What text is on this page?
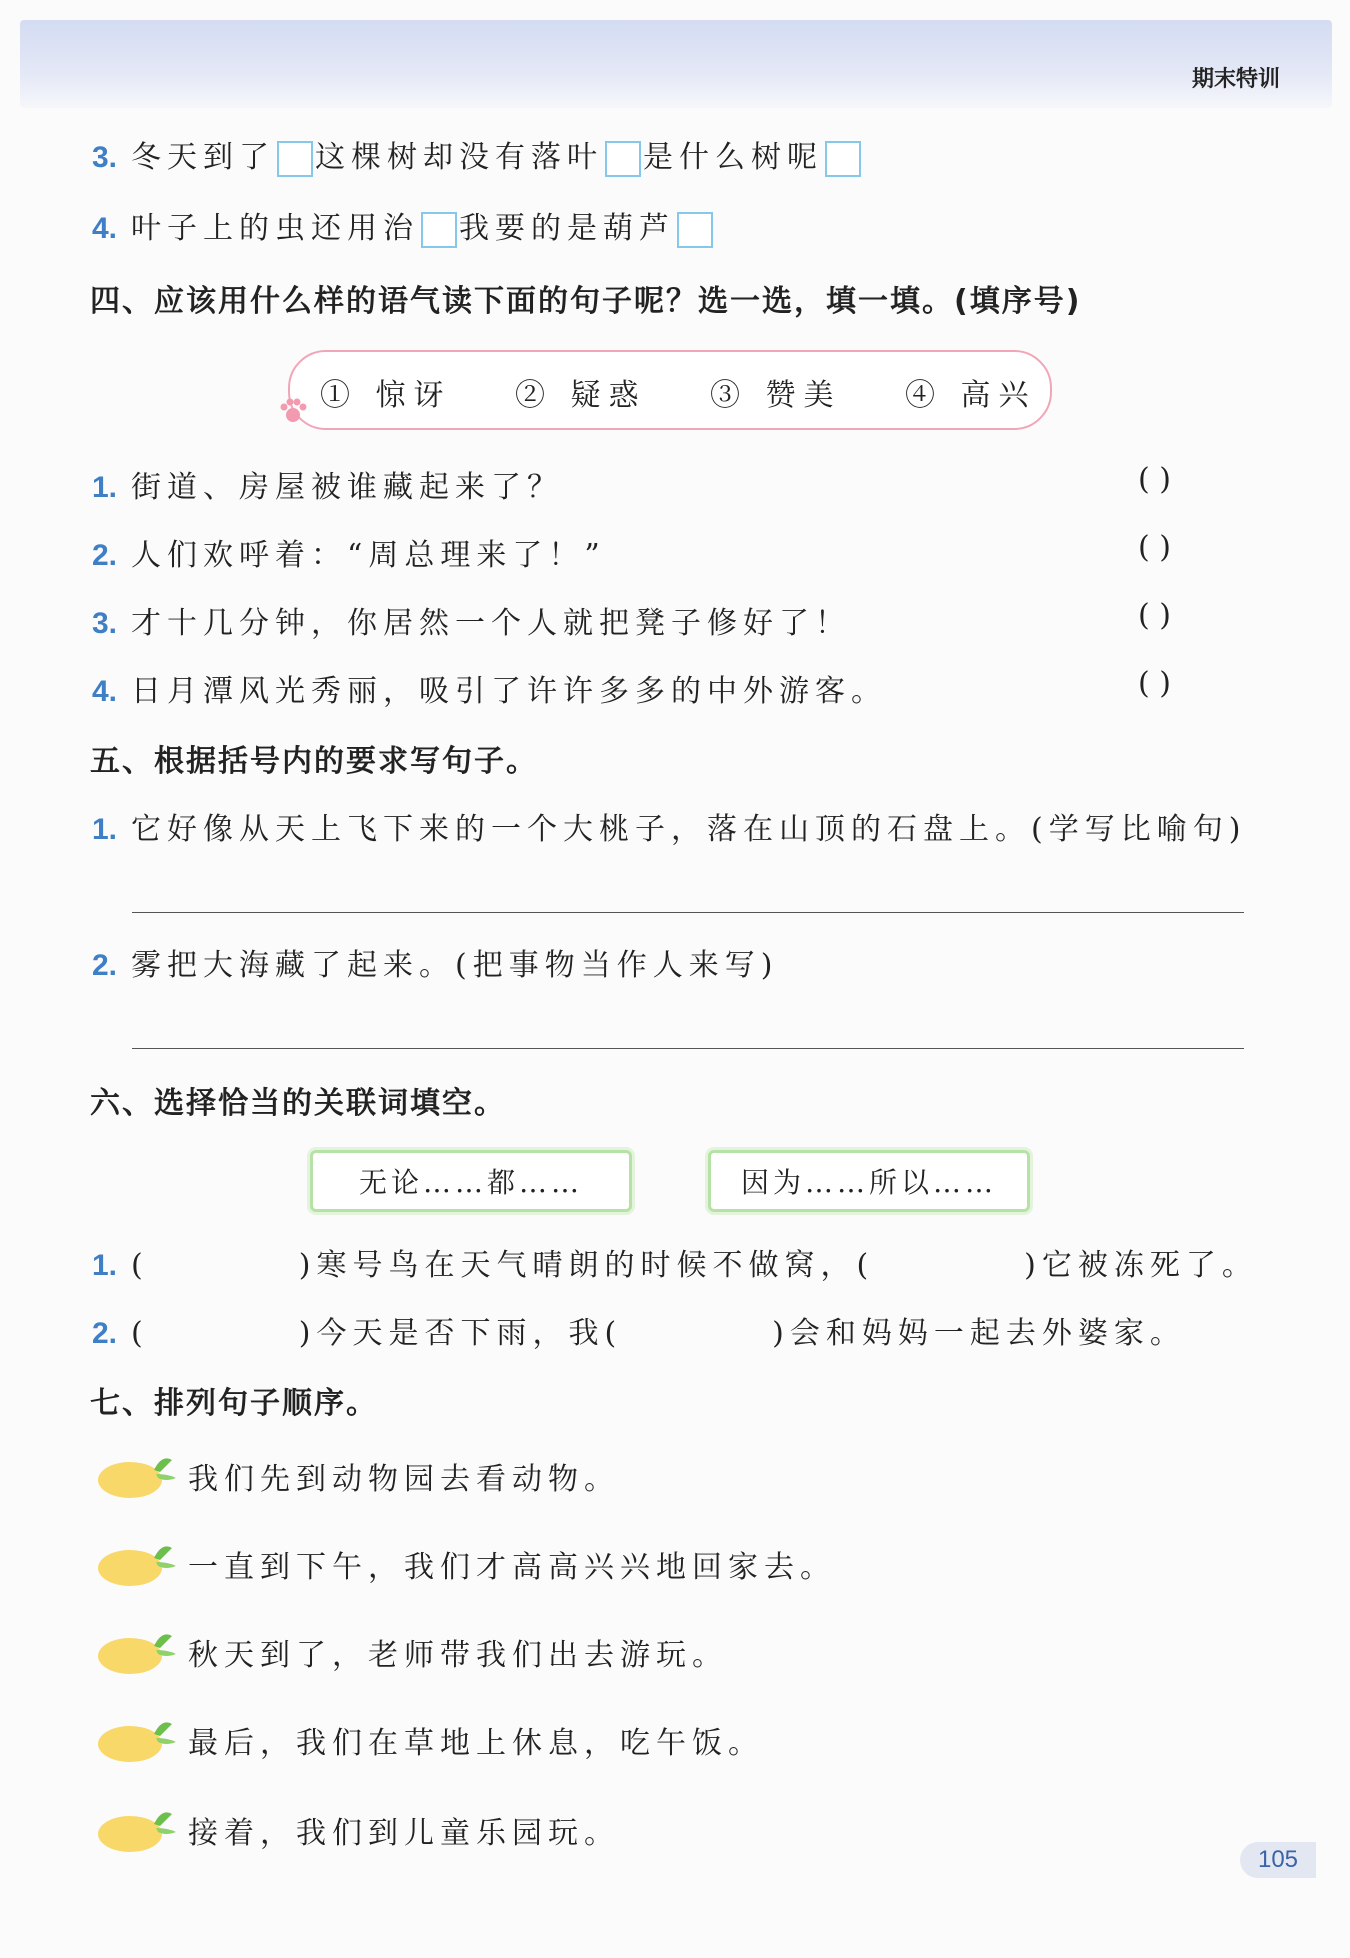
期末特训
3. 冬天到了 这棵树却没有落叶 是什么树呢
4. 叶子上的虫还用治 我要的是葫芦
四、应该用什么样的语气读下面的句子呢？选一选，填一填。(填序号)
① 惊讶 ② 疑惑 ③ 赞美 ④ 高兴
1. 街道、房屋被谁藏起来了？	( )
2. 人们欢呼着：“周总理来了！”	( )
3. 才十几分钟，你居然一个人就把凳子修好了！	( )
4. 日月潭风光秀丽，吸引了许许多多的中外游客。	( )
五、根据括号内的要求写句子。
1. 它好像从天上飞下来的一个大桃子，落在山顶的石盘上。(学写比喻句)
2. 雾把大海藏了起来。(把事物当作人来写)
六、选择恰当的关联词填空。
无论……都……	因为……所以……
1. (	)寒号鸟在天气晴朗的时候不做窝，(	)它被冻死了。
2. (	)今天是否下雨，我(	)会和妈妈一起去外婆家。
七、排列句子顺序。
我们先到动物园去看动物。
一直到下午，我们才高高兴兴地回家去。
秋天到了，老师带我们出去游玩。
最后，我们在草地上休息，吃午饭。
接着，我们到儿童乐园玩。
105
